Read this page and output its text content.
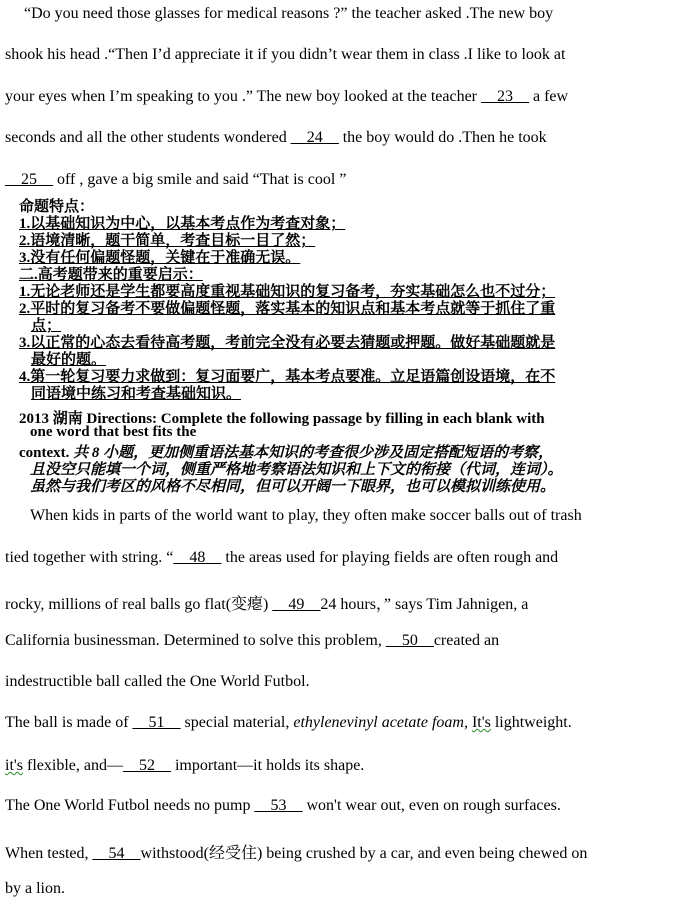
“Do you need those glasses for medical reasons ?” the teacher asked .The new boy
shook his head .“Then I’d appreciate it if you didn’t wear them in class .I like to look at
your eyes when I’m speaking to you .” The new boy looked at the teacher __23__ a few
seconds and all the other students wondered __24__ the boy would do .Then he took
__25__ off , gave a big smile and said “That is cool ”
命题特点：
1.以基础知识为中心，以基本考点作为考查对象；
2.语境清晰，题干简单，考查目标一目了然；
3.没有任何偏题怪题，关键在于准确无误。
二.高考题带来的重要启示：
1.无论老师还是学生都要高度重视基础知识的复习备考，夯实基础怎么也不过分；
2.平时的复习备考不要做偏题怪题，落实基本的知识点和基本考点就等于抓住了重
点；
3.以正常的心态去看待高考题，考前完全没有必要去猜题或押题。做好基础题就是
最好的题。
4.第一轮复习要力求做到：复习面要广，基本考点要准。立足语篇创设语境，在不
同语境中练习和考查基础知识。
2013 湖南 Directions: Complete the following passage by filling in each blank with
one word that best fits the
context. 共 8 小题，更加侧重语法基本知识的考查很少涉及固定搭配短语的考察，
且没空只能填一个词，侧重严格地考察语法知识和上下文的衔接（代词，连词）。
虽然与我们考区的风格不尽相同，但可以开阔一下眼界，也可以模拟训练使用。
When kids in parts of the world want to play, they often make soccer balls out of trash
tied together with string. “__48__ the areas used for playing fields are often rough and
rocky, millions of real balls go flat(变瘪) __49__24 hours，” says Tim Jahnigen, a
California businessman. Determined to solve this problem, __50__created an
indestructible ball called the One World Futbol.
The ball is made of __51__ special material, ethylenevinyl acetate foam, It's lightweight.
it's flexible, and—__52__ important—it holds its shape.
The One World Futbol needs no pump __53__ won't wear out, even on rough surfaces.
When tested, __54__withstood(经受住) being crushed by a car, and even being chewed on
by a lion.
